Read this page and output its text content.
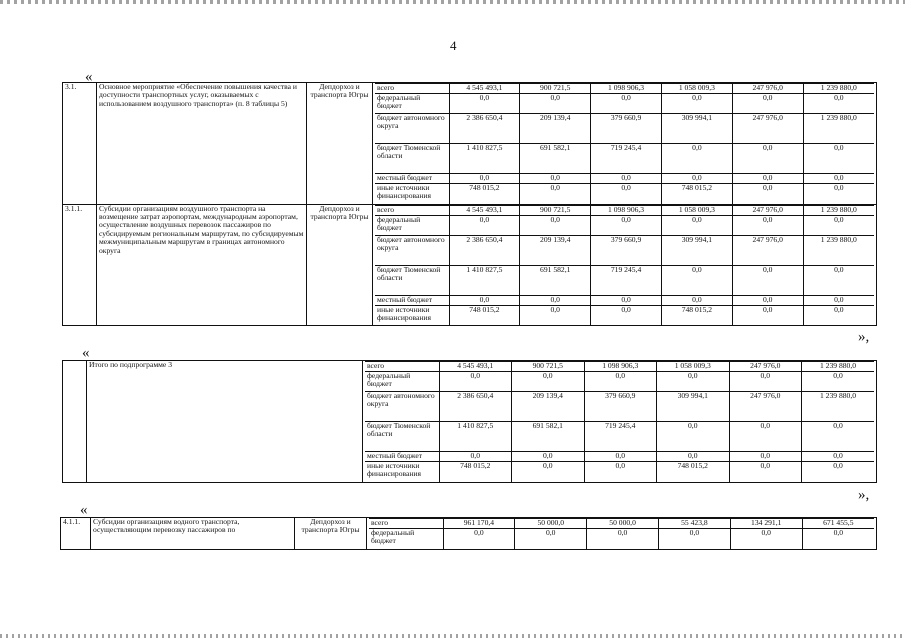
4
«
3.1.	Основное мероприятие «Обеспечение повышения качества и доступности транспортных услуг, оказываемых с использованием воздушного транспорта» (п. 8 таблицы 5)	Депдорхоз и транспорта Югры	
всего	4 545 493,1	900 721,5	1 098 906,3	1 058 009,3	247 976,0	1 239 880,0
федеральный бюджет	0,0	0,0	0,0	0,0	0,0	0,0
бюджет автономного округа	2 386 650,4	209 139,4	379 660,9	309 994,1	247 976,0	1 239 880,0
бюджет Тюменской области	1 410 827,5	691 582,1	719 245,4	0,0	0,0	0,0
местный бюджет	0,0	0,0	0,0	0,0	0,0	0,0
иные источники финансирования	748 015,2	0,0	0,0	748 015,2	0,0	0,0

3.1.1.	Субсидии организациям воздушного транспорта на возмещение затрат аэропортам, международным аэропортам, осуществление воздушных перевозок пассажиров по субсидируемым региональным маршрутам, по субсидируемым межмуниципальным маршрутам в границах автономного округа	Депдорхоз и транспорта Югры	
всего	4 545 493,1	900 721,5	1 098 906,3	1 058 009,3	247 976,0	1 239 880,0
федеральный бюджет	0,0	0,0	0,0	0,0	0,0	0,0
бюджет автономного округа	2 386 650,4	209 139,4	379 660,9	309 994,1	247 976,0	1 239 880,0
бюджет Тюменской области	1 410 827,5	691 582,1	719 245,4	0,0	0,0	0,0
местный бюджет	0,0	0,0	0,0	0,0	0,0	0,0
иные источники финансирования	748 015,2	0,0	0,0	748 015,2	0,0	0,0
»,
«
	Итого по подпрограмме 3		всего	4 545 493,1	900 721,5	1 098 906,3	1 058 009,3	247 976,0	1 239 880,0
федеральный бюджет	0,0	0,0	0,0	0,0	0,0	0,0
бюджет автономного округа	2 386 650,4	209 139,4	379 660,9	309 994,1	247 976,0	1 239 880,0
бюджет Тюменской области	1 410 827,5	691 582,1	719 245,4	0,0	0,0	0,0
местный бюджет	0,0	0,0	0,0	0,0	0,0	0,0
иные источники финансирования	748 015,2	0,0	0,0	748 015,2	0,0	0,0
»,
«
4.1.1.	Субсидии организациям водного транспорта, осуществляющим перевозку пассажиров по	Депдорхоз и транспорта Югры	
всего	961 170,4	50 000,0	50 000,0	55 423,8	134 291,1	671 455,5
федеральный бюджет	0,0	0,0	0,0	0,0	0,0	0,0
